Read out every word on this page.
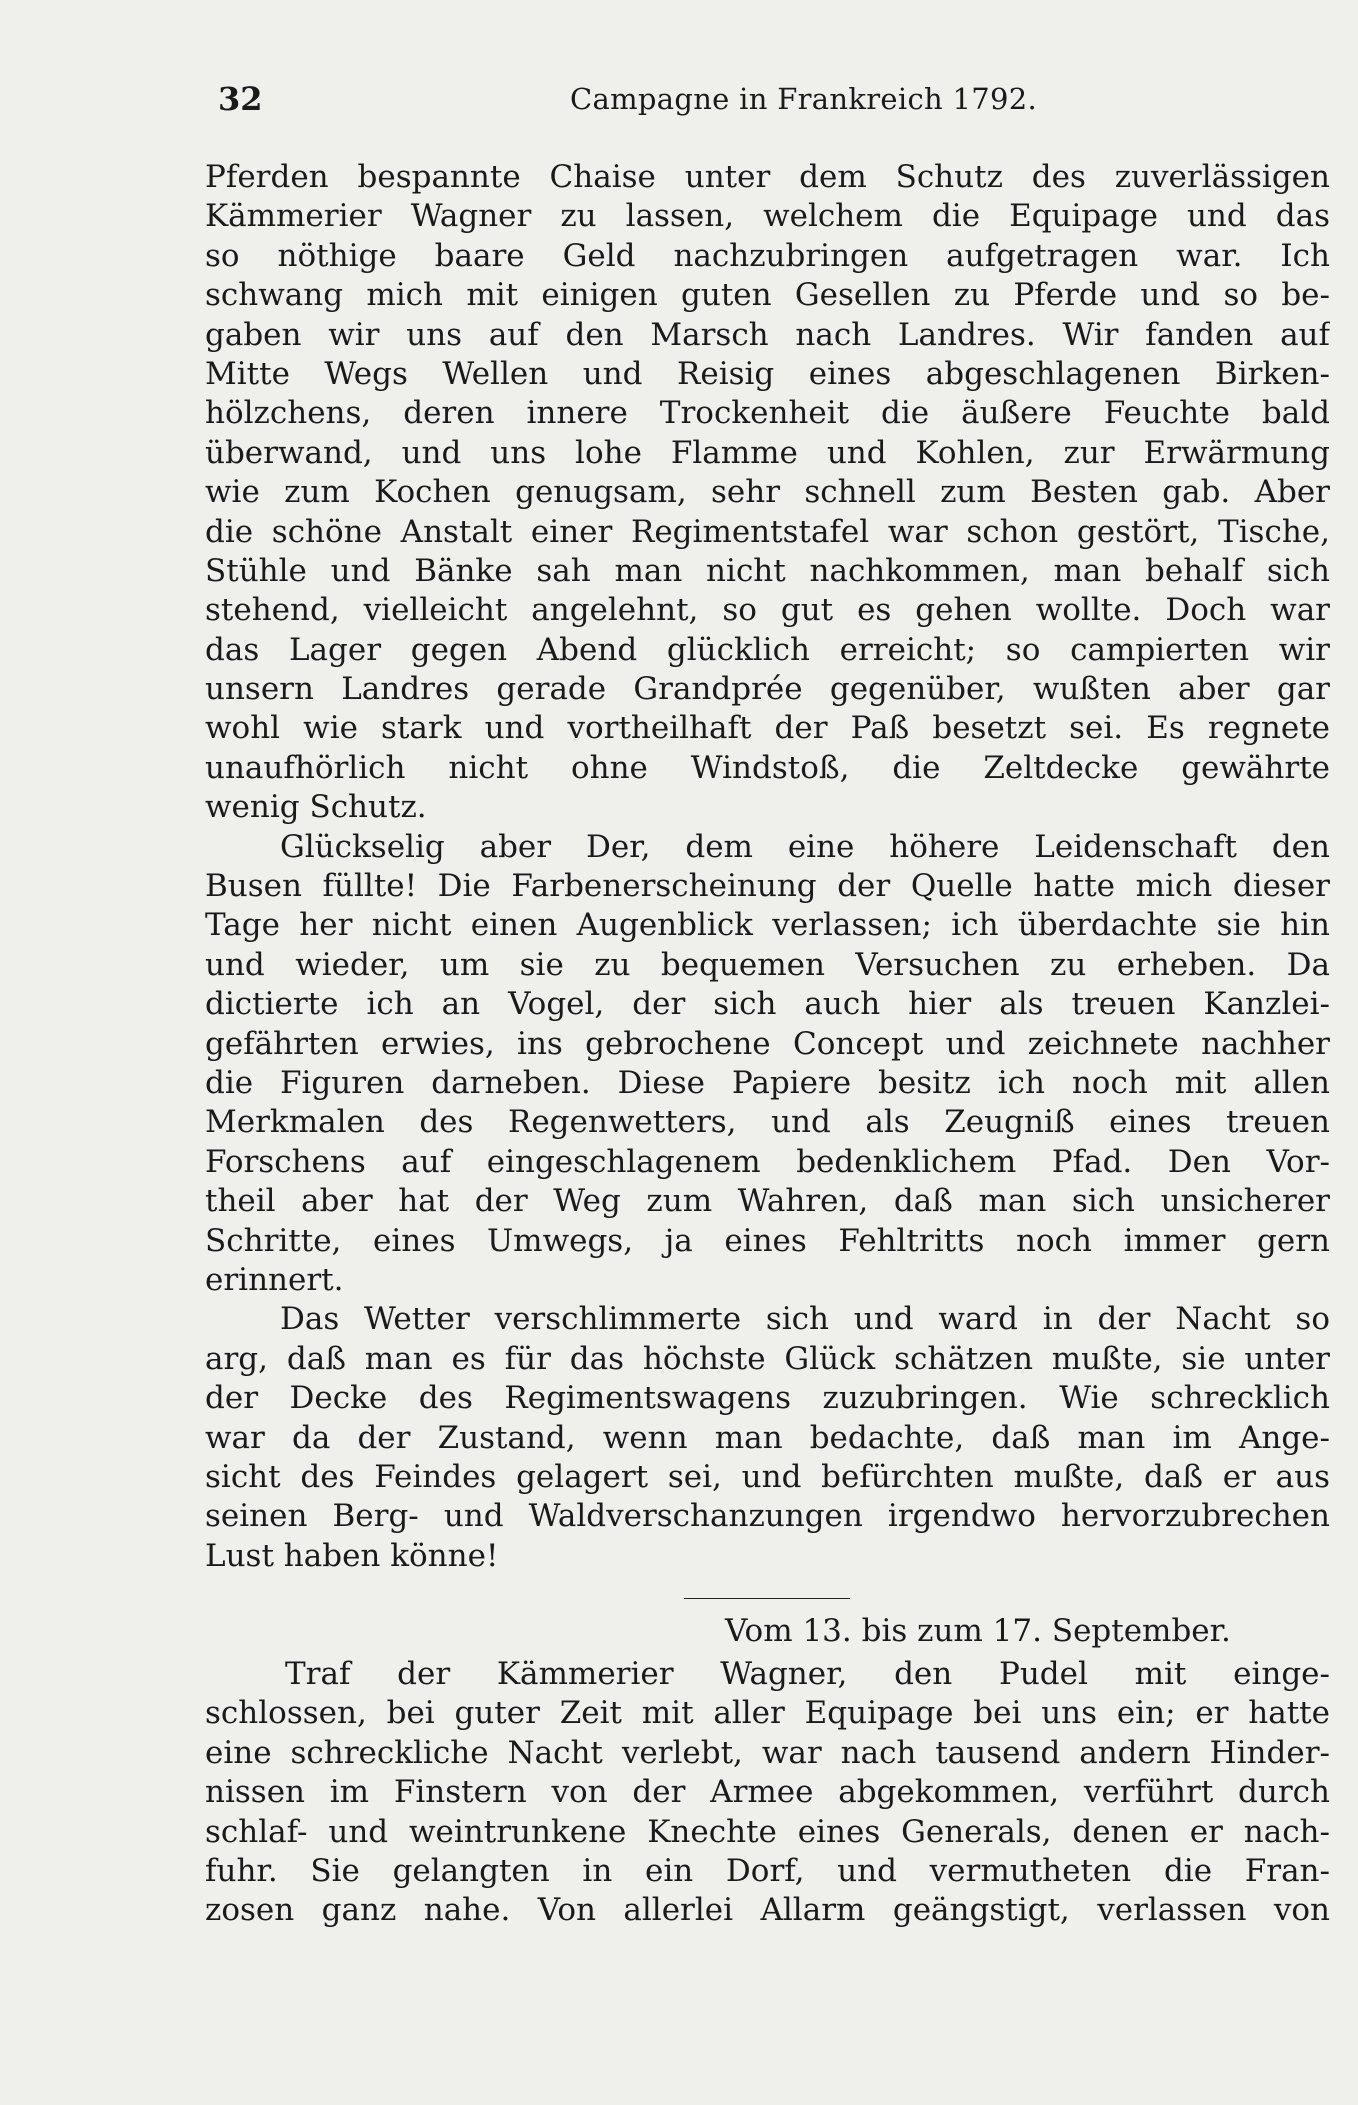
32	Campagne in Frankreich 1792.
Pferden bespannte Chaise unter dem Schutz des zuverlässigen
Kämmerier Wagner zu lassen, welchem die Equipage und das
so nöthige baare Geld nachzubringen aufgetragen war. Ich
schwang mich mit einigen guten Gesellen zu Pferde und so be-
gaben wir uns auf den Marsch nach Landres. Wir fanden auf
Mitte Wegs Wellen und Reisig eines abgeschlagenen Birken-
hölzchens, deren innere Trockenheit die äußere Feuchte bald
überwand, und uns lohe Flamme und Kohlen, zur Erwärmung
wie zum Kochen genugsam, sehr schnell zum Besten gab. Aber
die schöne Anstalt einer Regimentstafel war schon gestört, Tische,
Stühle und Bänke sah man nicht nachkommen, man behalf sich
stehend, vielleicht angelehnt, so gut es gehen wollte. Doch war
das Lager gegen Abend glücklich erreicht; so campierten wir
unsern Landres gerade Grandprée gegenüber, wußten aber gar
wohl wie stark und vortheilhaft der Paß besetzt sei. Es regnete
unaufhörlich nicht ohne Windstoß, die Zeltdecke gewährte
wenig Schutz.
Glückselig aber Der, dem eine höhere Leidenschaft den
Busen füllte! Die Farbenerscheinung der Quelle hatte mich dieser
Tage her nicht einen Augenblick verlassen; ich überdachte sie hin
und wieder, um sie zu bequemen Versuchen zu erheben. Da
dictierte ich an Vogel, der sich auch hier als treuen Kanzlei-
gefährten erwies, ins gebrochene Concept und zeichnete nachher
die Figuren darneben. Diese Papiere besitz ich noch mit allen
Merkmalen des Regenwetters, und als Zeugniß eines treuen
Forschens auf eingeschlagenem bedenklichem Pfad. Den Vor-
theil aber hat der Weg zum Wahren, daß man sich unsicherer
Schritte, eines Umwegs, ja eines Fehltritts noch immer gern
erinnert.
Das Wetter verschlimmerte sich und ward in der Nacht so
arg, daß man es für das höchste Glück schätzen mußte, sie unter
der Decke des Regimentswagens zuzubringen. Wie schrecklich
war da der Zustand, wenn man bedachte, daß man im Ange-
sicht des Feindes gelagert sei, und befürchten mußte, daß er aus
seinen Berg- und Waldverschanzungen irgendwo hervorzubrechen
Lust haben könne!
Vom 13. bis zum 17. September.
Traf der Kämmerier Wagner, den Pudel mit einge-
schlossen, bei guter Zeit mit aller Equipage bei uns ein; er hatte
eine schreckliche Nacht verlebt, war nach tausend andern Hinder-
nissen im Finstern von der Armee abgekommen, verführt durch
schlaf- und weintrunkene Knechte eines Generals, denen er nach-
fuhr. Sie gelangten in ein Dorf, und vermutheten die Fran-
zosen ganz nahe. Von allerlei Allarm geängstigt, verlassen von
